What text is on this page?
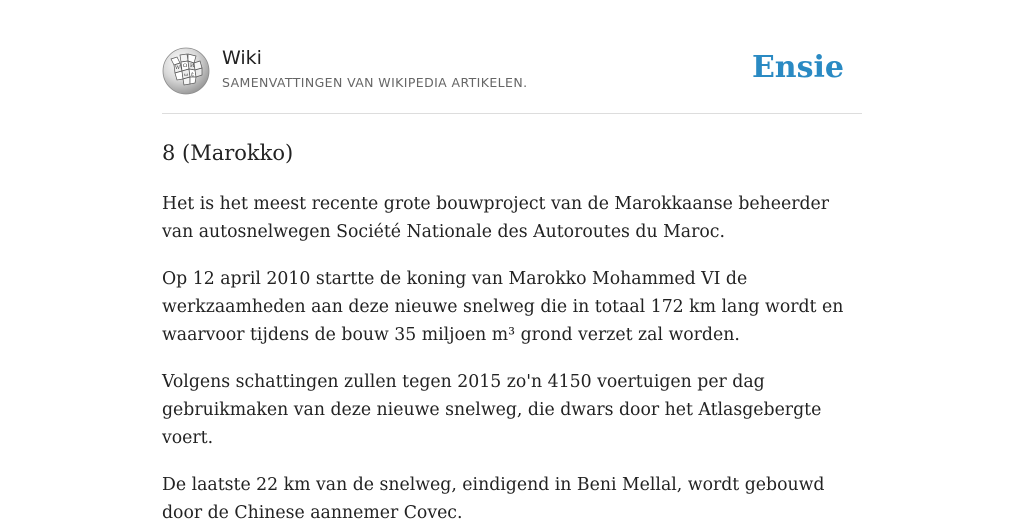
W Ω И
ω ع
Wiki
SAMENVATTINGEN VAN WIKIPEDIA ARTIKELEN.	Ensie
8 (Marokko)

Het is het meest recente grote bouwproject van de Marokkaanse beheerder van autosnelwegen Société Nationale des Autoroutes du Maroc.

Op 12 april 2010 startte de koning van Marokko Mohammed VI de werkzaamheden aan deze nieuwe snelweg die in totaal 172 km lang wordt en waarvoor tijdens de bouw 35 miljoen m³ grond verzet zal worden.

Volgens schattingen zullen tegen 2015 zo'n 4150 voertuigen per dag gebruikmaken van deze nieuwe snelweg, die dwars door het Atlasgebergte voert.

De laatste 22 km van de snelweg, eindigend in Beni Mellal, wordt gebouwd door de Chinese aannemer Covec.
